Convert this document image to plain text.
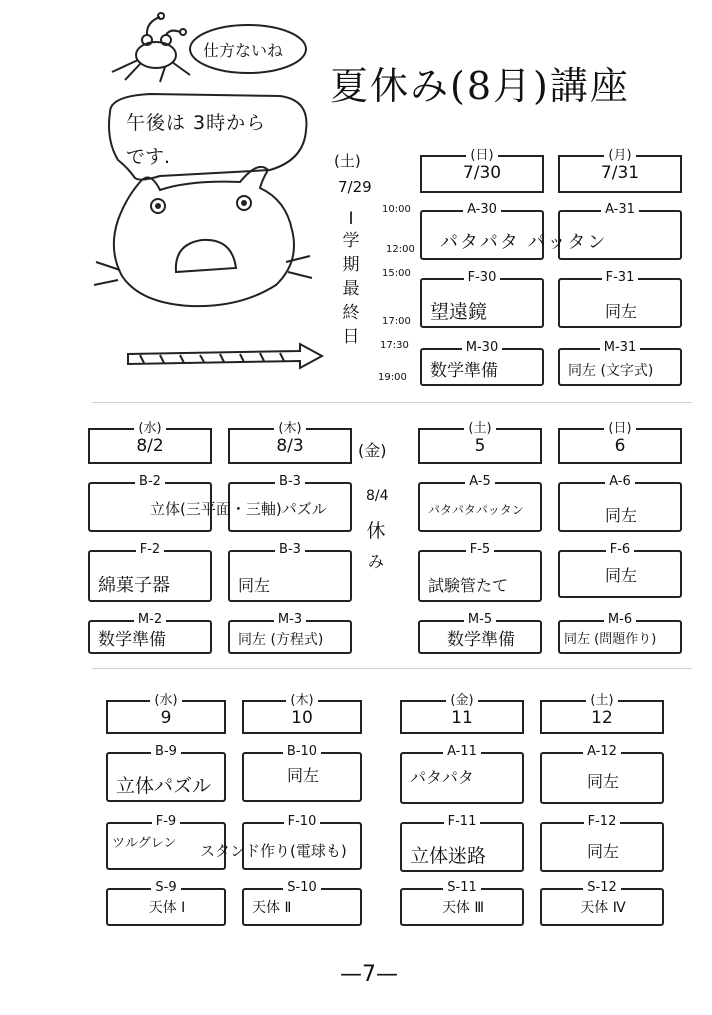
仕方ないね
午後は 3時から
です.
夏休み(8月)講座
(土)
7/29
Ⅰ
学
期
最
終
日
10:00
12:00
15:00
17:00
17:30
19:00
(日)
7/30
(月)
7/31
A-30	A-31
パタパタ パッタン
F-30
望遠鏡
F-31
同左
M-30
数学準備
M-31
同左 (文字式)
(水)
8/2
(木)
8/3
(土)
5
(日)
6
(金)
8/4
休
み
B-2	B-3
立体(三平面・三軸)パズル
A-5
パタパタパッタン
A-6
同左
F-2
綿菓子器
B-3
同左
F-5
試験管たて
F-6
同左
M-2
数学準備
M-3
同左 (方程式)
M-5
数学準備
M-6
同左 (問題作り)
(水)
9
(木)
10
(金)
11
(土)
12
B-9
立体パズル
B-10
同左
A-11
パタパタ
A-12
同左
F-9
ツルグレン
F-10
スタンド作り(電球も)
F-11
立体迷路
F-12
同左
S-9
天体 Ⅰ
S-10
天体 Ⅱ
S-11
天体 Ⅲ
S-12
天体 Ⅳ
—7—
